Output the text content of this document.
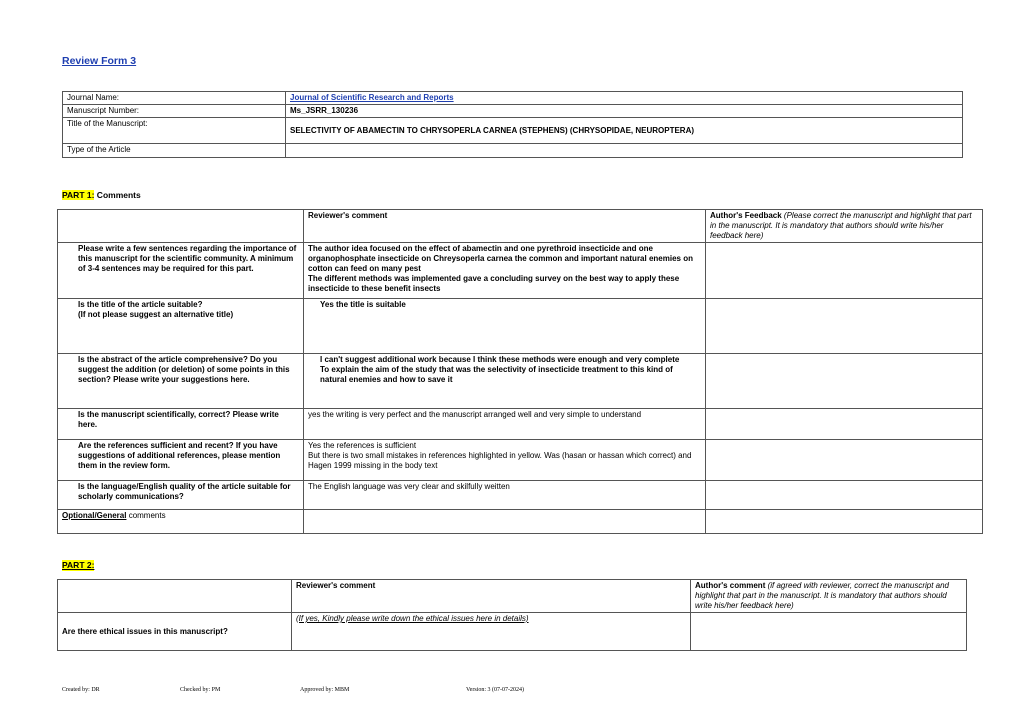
Review Form 3
Journal Name:	Journal of Scientific Research and Reports
Manuscript Number:	Ms_JSRR_130236
Title of the Manuscript:	SELECTIVITY OF ABAMECTIN TO CHRYSOPERLA CARNEA (STEPHENS) (CHRYSOPIDAE, NEUROPTERA)
Type of the Article	
PART 1: Comments
	Reviewer's comment	Author's Feedback (Please correct the manuscript and highlight that part in the manuscript. It is mandatory that authors should write his/her feedback here)
Please write a few sentences regarding the importance of this manuscript for the scientific community. A minimum of 3-4 sentences may be required for this part.	The author idea focused on the effect of abamectin and one pyrethroid insecticide and one organophosphate insecticide on Chreysoperla carnea the common and important natural enemies on cotton can feed on many pest
The different methods was implemented gave a concluding survey on the best way to apply these insecticide to these benefit insects	

Is the title of the article suitable?
(If not please suggest an alternative title)	Yes the title is suitable	
Is the abstract of the article comprehensive? Do you suggest the addition (or deletion) of some points in this section? Please write your suggestions here.	I can't suggest additional work because I think these methods were enough and very complete
To explain the aim of the study that was the selectivity of insecticide treatment to this kind of natural enemies and how to save it	

Is the manuscript scientifically, correct? Please write here.	yes the writing is very perfect and the manuscript arranged well and very simple to understand	
Are the references sufficient and recent? If you have suggestions of additional references, please mention them in the review form.	Yes the references is sufficient
But there is two small mistakes in references highlighted in yellow. Was (hasan or hassan which correct) and Hagen 1999 missing in the body text	

Is the language/English quality of the article suitable for scholarly communications?	The English language was very clear and skilfully weitten	
Optional/General comments		
PART 2:
	Reviewer's comment	Author's comment (if agreed with reviewer, correct the manuscript and highlight that part in the manuscript. It is mandatory that authors should write his/her feedback here)
Are there ethical issues in this manuscript?	(If yes, Kindly please write down the ethical issues here in details)	
Created by: DR	Checked by: PM	Approved by: MBM	Version: 3 (07-07-2024)
